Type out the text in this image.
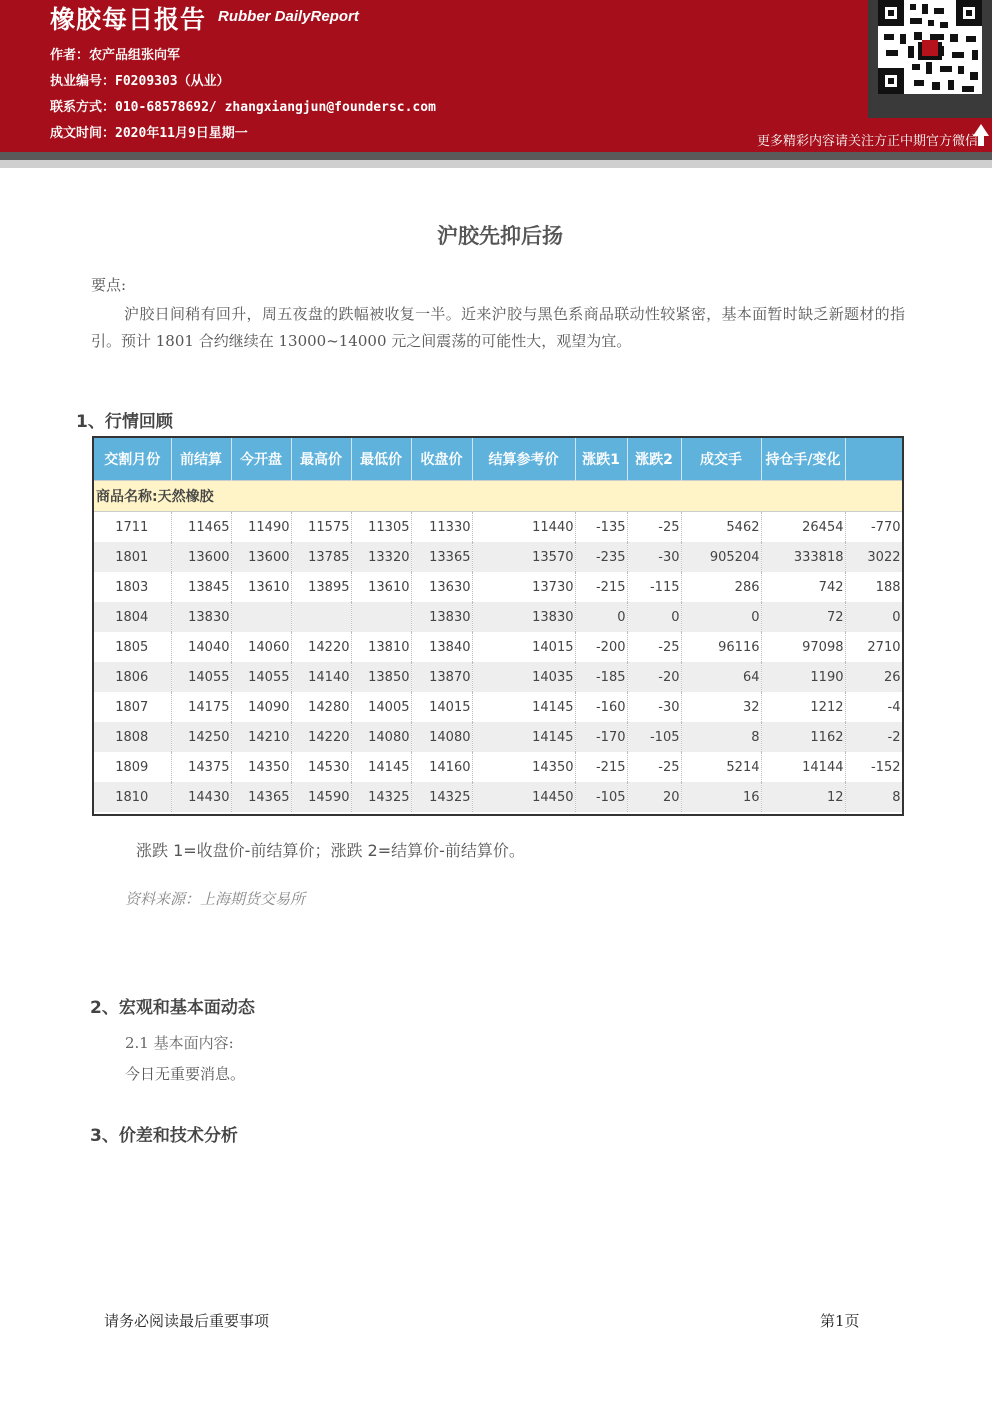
橡胶每日报告 Rubber DailyReport
作者：农产品组张向军
执业编号：F0209303（从业）
联系方式：010-68578692/ zhangxiangjun@foundersc.com
成文时间：2020年11月9日星期一
更多精彩内容请关注方正中期官方微信
沪胶先抑后扬
要点:
沪胶日间稍有回升，周五夜盘的跌幅被收复一半。近来沪胶与黑色系商品联动性较紧密，基本面暂时缺乏新题材的指引。预计 1801 合约继续在 13000~14000 元之间震荡的可能性大，观望为宜。
1、行情回顾
交割月份	前结算	今开盘	最高价	最低价	收盘价	结算参考价	涨跌1	涨跌2	成交手	持仓手/变化	
商品名称:天然橡胶											
1711	11465	11490	11575	11305	11330	11440	-135	-25	5462	26454	-770
1801	13600	13600	13785	13320	13365	13570	-235	-30	905204	333818	3022
1803	13845	13610	13895	13610	13630	13730	-215	-115	286	742	188
1804	13830				13830	13830	0	0	0	72	0
1805	14040	14060	14220	13810	13840	14015	-200	-25	96116	97098	2710
1806	14055	14055	14140	13850	13870	14035	-185	-20	64	1190	26
1807	14175	14090	14280	14005	14015	14145	-160	-30	32	1212	-4
1808	14250	14210	14220	14080	14080	14145	-170	-105	8	1162	-2
1809	14375	14350	14530	14145	14160	14350	-215	-25	5214	14144	-152
1810	14430	14365	14590	14325	14325	14450	-105	20	16	12	8
涨跌 1=收盘价-前结算价；涨跌 2=结算价-前结算价。
资料来源：上海期货交易所
2、宏观和基本面动态
2.1 基本面内容:
今日无重要消息。
3、价差和技术分析
请务必阅读最后重要事项	第1页
